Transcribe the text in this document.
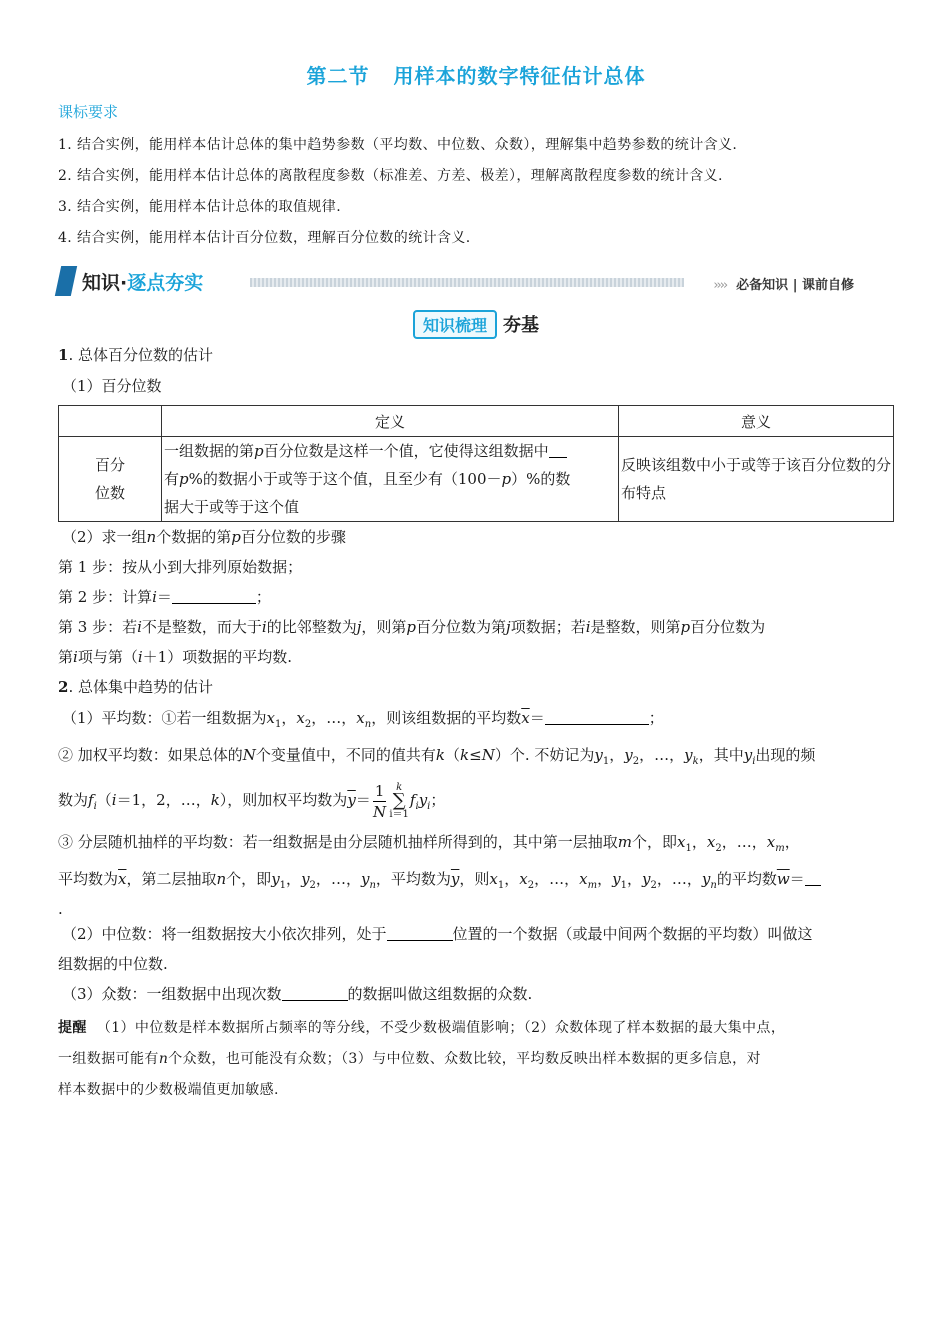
第二节 用样本的数字特征估计总体
课标要求
1. 结合实例，能用样本估计总体的集中趋势参数（平均数、中位数、众数），理解集中趋势参数的统计含义.
2. 结合实例，能用样本估计总体的离散程度参数（标准差、方差、极差），理解离散程度参数的统计含义.
3. 结合实例，能用样本估计总体的取值规律.
4. 结合实例，能用样本估计百分位数，理解百分位数的统计含义.
知识·逐点夯实	›››› 必备知识 | 课前自修
知识梳理 夯基
1. 总体百分位数的估计
（1）百分位数
	定义	意义
百分
位数	一组数据的第p百分位数是这样一个值，它使得这组数据中
有p%的数据小于或等于这个值，且至少有（100－p）%的数
据大于或等于这个值	反映该组数中小于或等于该百分位数的分布特点
（2）求一组n个数据的第p百分位数的步骤
第 1 步：按从小到大排列原始数据；
第 2 步：计算i＝	；
第 3 步：若i不是整数，而大于i的比邻整数为j，则第p百分位数为第j项数据；若i是整数，则第p百分位数为
第i项与第（i＋1）项数据的平均数.
2. 总体集中趋势的估计
（1）平均数：①若一组数据为$x_1$，$x_2$，…，$x_n$，则该组数据的平均数$\overline{x}=$	；
② 加权平均数：如果总体的N个变量值中，不同的值共有k（k≤N）个. 不妨记为$y_1$，$y_2$，…，$y_k$，其中$y_i$出现的频
数为$f_i(i=1$，2，…，k），则加权平均数为$\overline{y}= \frac{1}{N}$ k
∑
i＝1
$f_iy_i$；
③ 分层随机抽样的平均数：若一组数据是由分层随机抽样所得到的，其中第一层抽取m个，即$x_1$，$x_2$，…，$x_m$，
平均数为$\overline{x}$，第二层抽取n个，即$y_1$，$y_2$，…，$y_n$，平均数为$\overline{y}$，则$x_1$，$x_2$，…，$x_m$，$y_1$，$y_2$，…，$y_n$的平均数$\overline{w}=$
.
（2）中位数：将一组数据按大小依次排列，处于	位置的一个数据（或最中间两个数据的平均数）叫做这
组数据的中位数.
（3）众数：一组数据中出现次数	的数据叫做这组数据的众数.
提醒 （1）中位数是样本数据所占频率的等分线，不受少数极端值影响；（2）众数体现了样本数据的最大集中点，
一组数据可能有n个众数，也可能没有众数；（3）与中位数、众数比较，平均数反映出样本数据的更多信息，对
样本数据中的少数极端值更加敏感.
